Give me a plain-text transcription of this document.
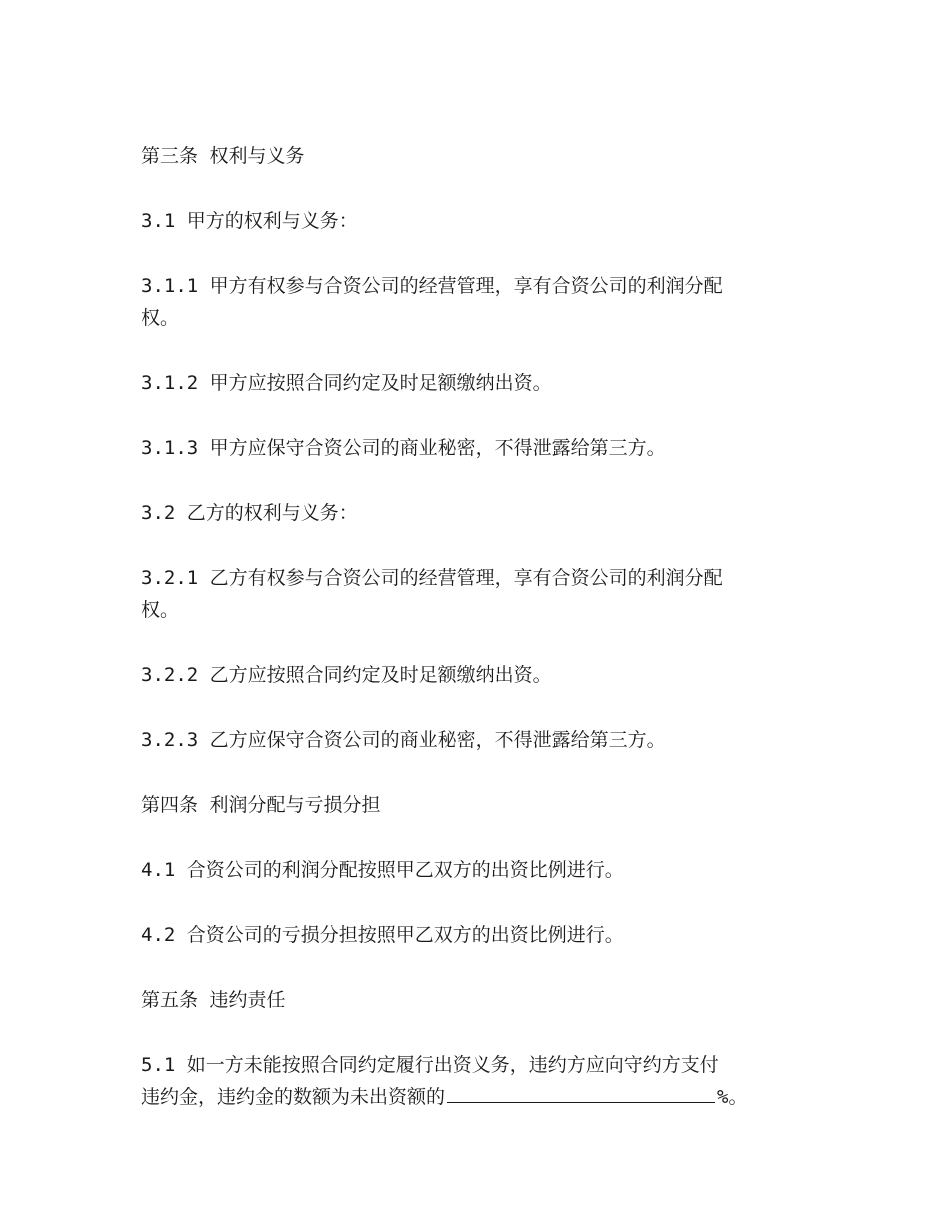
第三条 权利与义务
3.1 甲方的权利与义务：
3.1.1 甲方有权参与合资公司的经营管理，享有合资公司的利润分配
权。
3.1.2 甲方应按照合同约定及时足额缴纳出资。
3.1.3 甲方应保守合资公司的商业秘密，不得泄露给第三方。
3.2 乙方的权利与义务：
3.2.1 乙方有权参与合资公司的经营管理，享有合资公司的利润分配
权。
3.2.2 乙方应按照合同约定及时足额缴纳出资。
3.2.3 乙方应保守合资公司的商业秘密，不得泄露给第三方。
第四条 利润分配与亏损分担
4.1 合资公司的利润分配按照甲乙双方的出资比例进行。
4.2 合资公司的亏损分担按照甲乙双方的出资比例进行。
第五条 违约责任
5.1 如一方未能按照合同约定履行出资义务，违约方应向守约方支付
违约金，违约金的数额为未出资额的	%。
